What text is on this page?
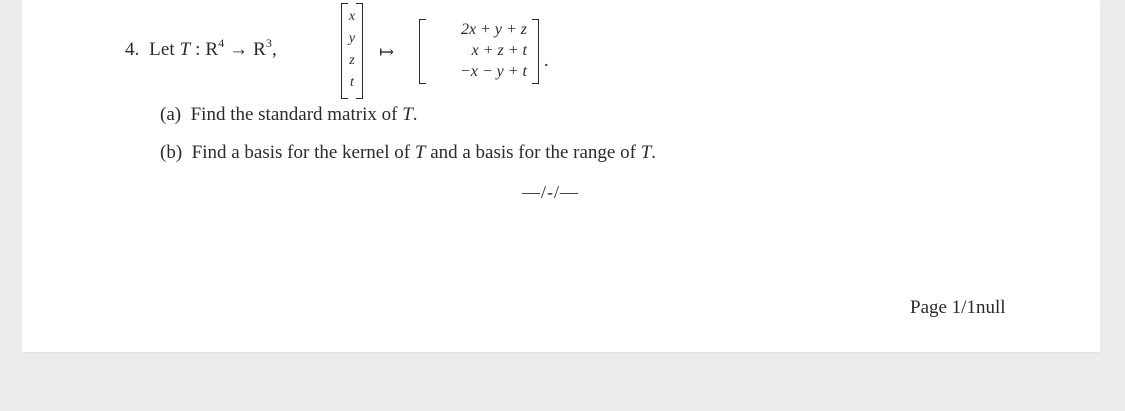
4. Let T : $R^4 \to R^3$,
x
y
z
t
↦
2x + y + z
x + z + t
−x − y + t
.
(a) Find the standard matrix of T.
(b) Find a basis for the kernel of T and a basis for the range of T.
—/-/—
Page 1/1null
